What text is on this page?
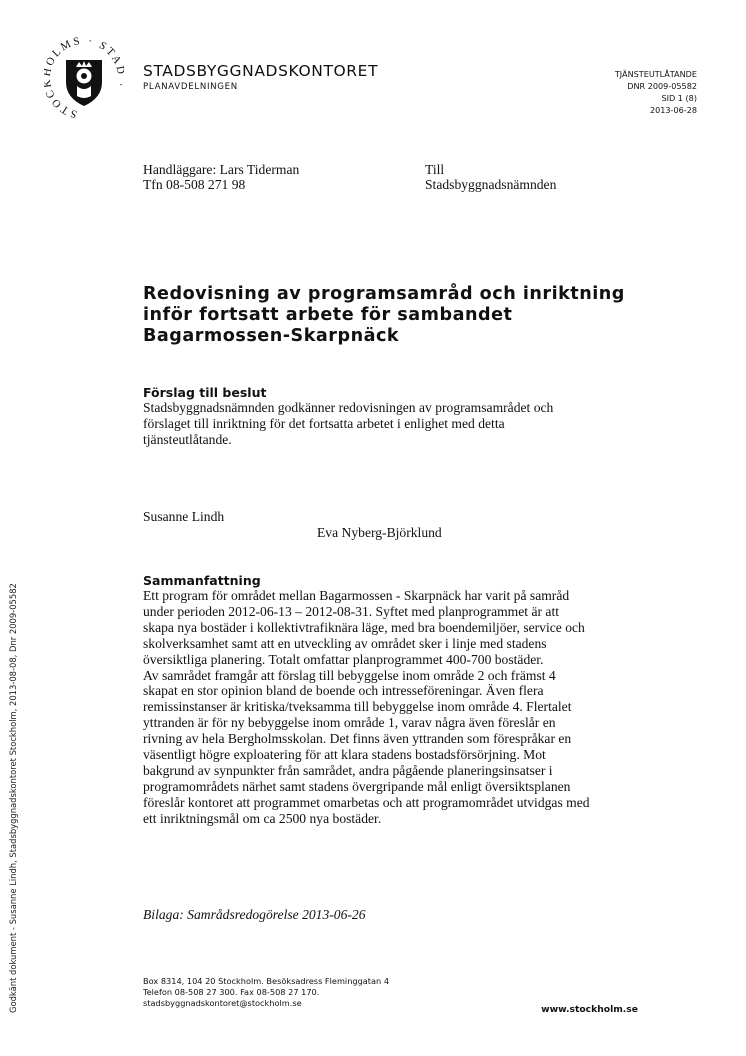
STOC OLMS · STA
STADSBYGGNADSKONTORET
PLANAVDELNINGEN
TJÄNSTEUTLÅTANDE
DNR 2009-05582
SID 1 (8)
2013-06-28
Handläggare: Lars Tiderman
Tfn 08-508 271 98
Till
Stadsbyggnadsnämnden
Redovisning av programsamråd och inriktning
inför fortsatt arbete för sambandet
Bagarmossen-Skarpnäck
Förslag till beslut
Stadsbyggnadsnämnden godkänner redovisningen av programsamrådet och
förslaget till inriktning för det fortsatta arbetet i enlighet med detta
tjänsteutlåtande.
Susanne Lindh
Eva Nyberg-Björklund
Sammanfattning
Ett program för området mellan Bagarmossen - Skarpnäck har varit på samråd
under perioden 2012-06-13 – 2012-08-31. Syftet med planprogrammet är att
skapa nya bostäder i kollektivtrafiknära läge, med bra boendemiljöer, service och
skolverksamhet samt att en utveckling av området sker i linje med stadens
översiktliga planering. Totalt omfattar planprogrammet 400-700 bostäder.
Av samrådet framgår att förslag till bebyggelse inom område 2 och främst 4
skapat en stor opinion bland de boende och intresseföreningar. Även flera
remissinstanser är kritiska/tveksamma till bebyggelse inom område 4. Flertalet
yttranden är för ny bebyggelse inom område 1, varav några även föreslår en
rivning av hela Bergholmsskolan. Det finns även yttranden som förespråkar en
väsentligt högre exploatering för att klara stadens bostadsförsörjning. Mot
bakgrund av synpunkter från samrådet, andra pågående planeringsinsatser i
programområdets närhet samt stadens övergripande mål enligt översiktsplanen
föreslår kontoret att programmet omarbetas och att programområdet utvidgas med
ett inriktningsmål om ca 2500 nya bostäder.
Bilaga: Samrådsredogörelse 2013-06-26
Box 8314, 104 20 Stockholm. Besöksadress Fleminggatan 4
Telefon 08-508 27 300. Fax 08-508 27 170.
stadsbyggnadskontoret@stockholm.se
www.stockholm.se
Godkänt dokument - Susanne Lindh, Stadsbyggnadskontoret Stockholm, 2013-08-08, Dnr 2009-05582
